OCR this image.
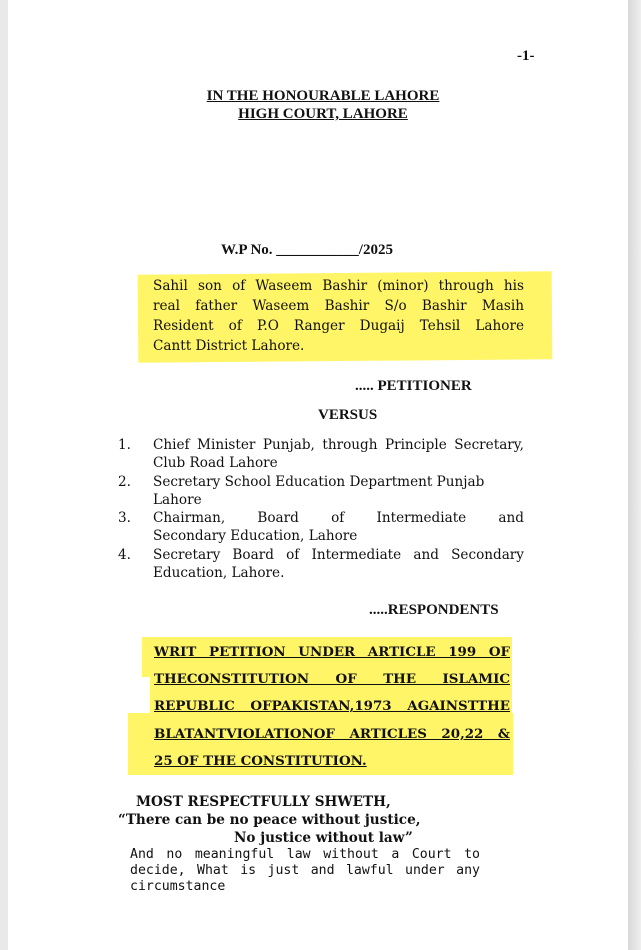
-1-
IN THE HONOURABLE LAHORE
HIGH COURT, LAHORE
W.P No. ___________/2025
Sahil son of Waseem Bashir (minor) through his
real father Waseem Bashir S/o Bashir Masih
Resident of P.O Ranger Dugaij Tehsil Lahore
Cantt District Lahore.
..... PETITIONER
VERSUS
1. Chief Minister Punjab, through Principle Secretary,
Club Road Lahore
2. Secretary School Education Department Punjab
Lahore
3. Chairman,      Board      of      Intermediate      and
Secondary Education, Lahore
4. Secretary Board of Intermediate and Secondary
Education, Lahore.
.....RESPONDENTS
WRIT PETITION UNDER ARTICLE 199 OF
THECONSTITUTION OF THE ISLAMIC
REPUBLIC OFPAKISTAN,1973 AGAINSTTHE
BLATANTVIOLATIONOF ARTICLES 20,22 &
25 OF THE CONSTITUTION.
MOST RESPECTFULLY SHWETH,
“There can be no peace without justice,
No justice without law”
And no meaningful law without a Court to
decide, What is just and lawful under any
circumstance
